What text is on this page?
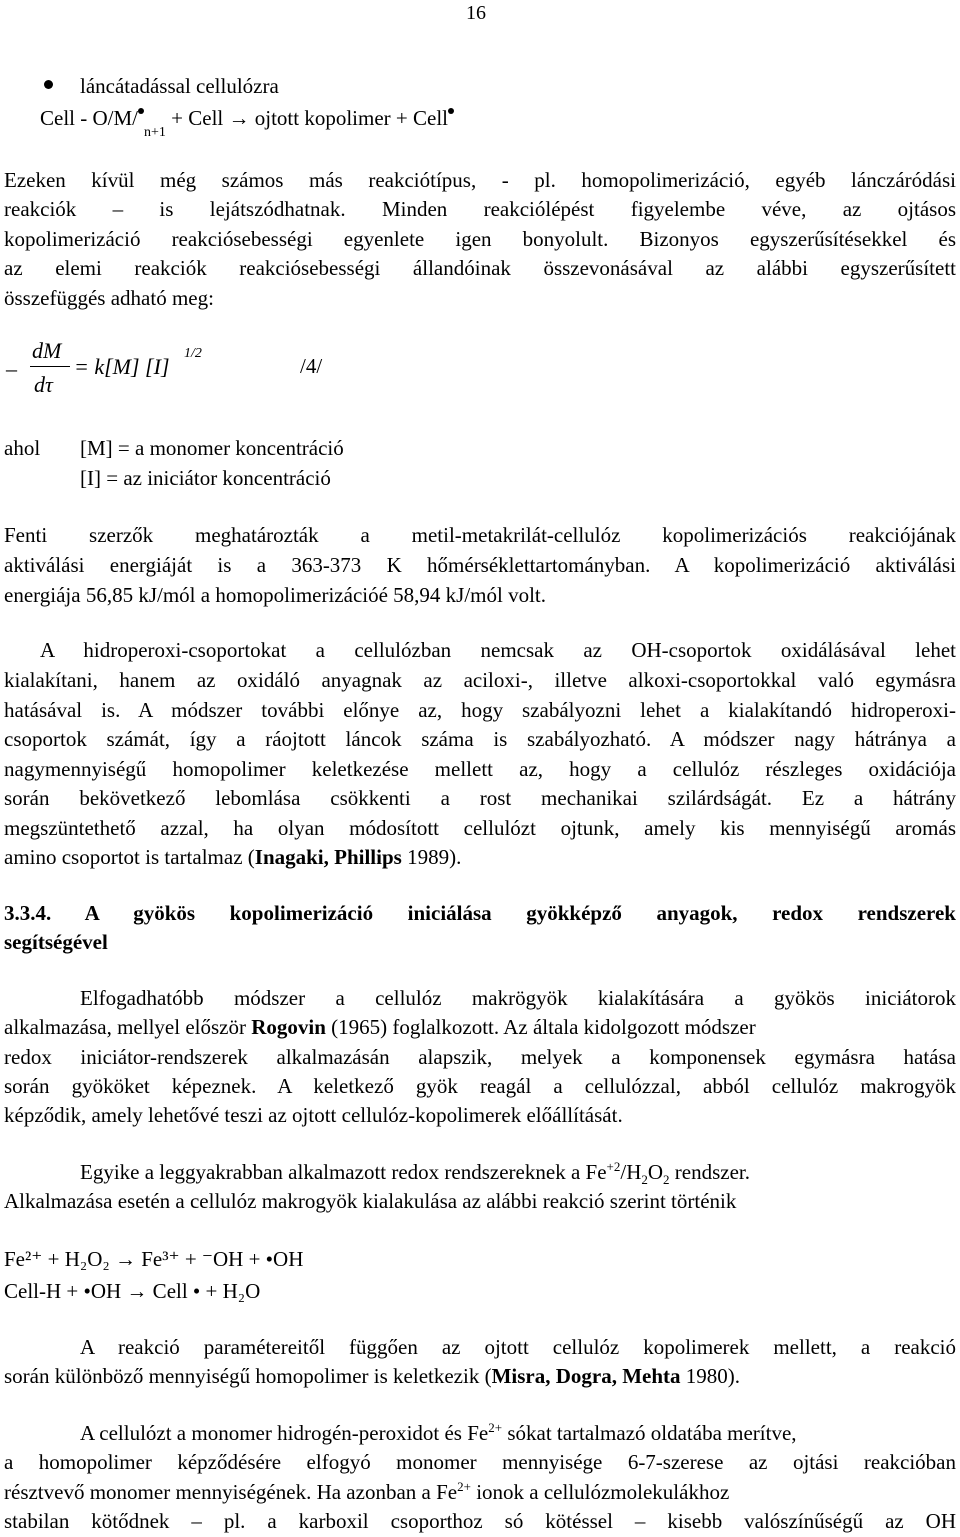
16
láncátadással cellulózra
Cell - $O/M/_{n+1}$ + Cell → ojtott kopolimer + Cell
Ezeken kívül még számos más reakciótípus, - pl. homopolimerizáció, egyéb lánczáródási
reakciók – is lejátszódhatnak. Minden reakciólépést figyelembe véve, az ojtásos
kopolimerizáció reakciósebességi egyenlete igen bonyolult. Bizonyos egyszerűsítésekkel és
az elemi reakciók reakciósebességi állandóinak összevonásával az alábbi egyszerűsített
összefüggés adható meg:
–
dM
dτ
= k[M] [I]
1/2
/4/
ahol	[M] = a monomer koncentráció
[I] = az iniciátor koncentráció
Fenti szerzők meghatározták a metil-metakrilát-cellulóz kopolimerizációs reakciójának
aktiválási energiáját is a 363-373 K hőmérséklettartományban. A kopolimerizáció aktiválási
energiája 56,85 kJ/mól a homopolimerizációé 58,94 kJ/mól volt.
A hidroperoxi-csoportokat a cellulózban nemcsak az OH-csoportok oxidálásával lehet
kialakítani, hanem az oxidáló anyagnak az aciloxi-, illetve alkoxi-csoportokkal való egymásra
hatásával is. A módszer további előnye az, hogy szabályozni lehet a kialakítandó hidroperoxi-
csoportok számát, így a ráojtott láncok száma is szabályozható. A módszer nagy hátránya a
nagymennyiségű homopolimer keletkezése mellett az, hogy a cellulóz részleges oxidációja
során bekövetkező lebomlása csökkenti a rost mechanikai szilárdságát. Ez a hátrány
megszüntethető azzal, ha olyan módosított cellulózt ojtunk, amely kis mennyiségű aromás
amino csoportot is tartalmaz (Inagaki, Phillips 1989).
3.3.4. A gyökös kopolimerizáció iniciálása gyökképző anyagok, redox rendszerek
segítségével
Elfogadhatóbb módszer a cellulóz makrögyök kialakítására a gyökös iniciátorok
alkalmazása, mellyel először Rogovin (1965) foglalkozott. Az általa kidolgozott módszer
redox iniciátor-rendszerek alkalmazásán alapszik, melyek a komponensek egymásra hatása
során gyököket képeznek. A keletkező gyök reagál a cellulózzal, abból cellulóz makrogyök
képződik, amely lehetővé teszi az ojtott cellulóz-kopolimerek előállítását.
Egyike a leggyakrabban alkalmazott redox rendszereknek a $Fe^{+2}/H_2O_2$ rendszer.
Alkalmazása esetén a cellulóz makrogyök kialakulása az alábbi reakció szerint történik
Fe²⁺ + H₂O₂ → Fe³⁺ + ⁻OH + •OH
Cell-H + •OH → Cell • + H₂O
A reakció paramétereitől függően az ojtott cellulóz kopolimerek mellett, a reakció
során különböző mennyiségű homopolimer is keletkezik (Misra, Dogra, Mehta 1980).
A cellulózt a monomer hidrogén-peroxidot és $Fe^{2+}$ sókat tartalmazó oldatába merítve,
a homopolimer képződésére elfogyó monomer mennyisége 6-7-szerese az ojtási reakcióban
résztvevő monomer mennyiségének. Ha azonban a $Fe^{2+}$ ionok a cellulózmolekulákhoz
stabilan kötődnek – pl. a karboxil csoporthoz só kötéssel – kisebb valószínűségű az OH
